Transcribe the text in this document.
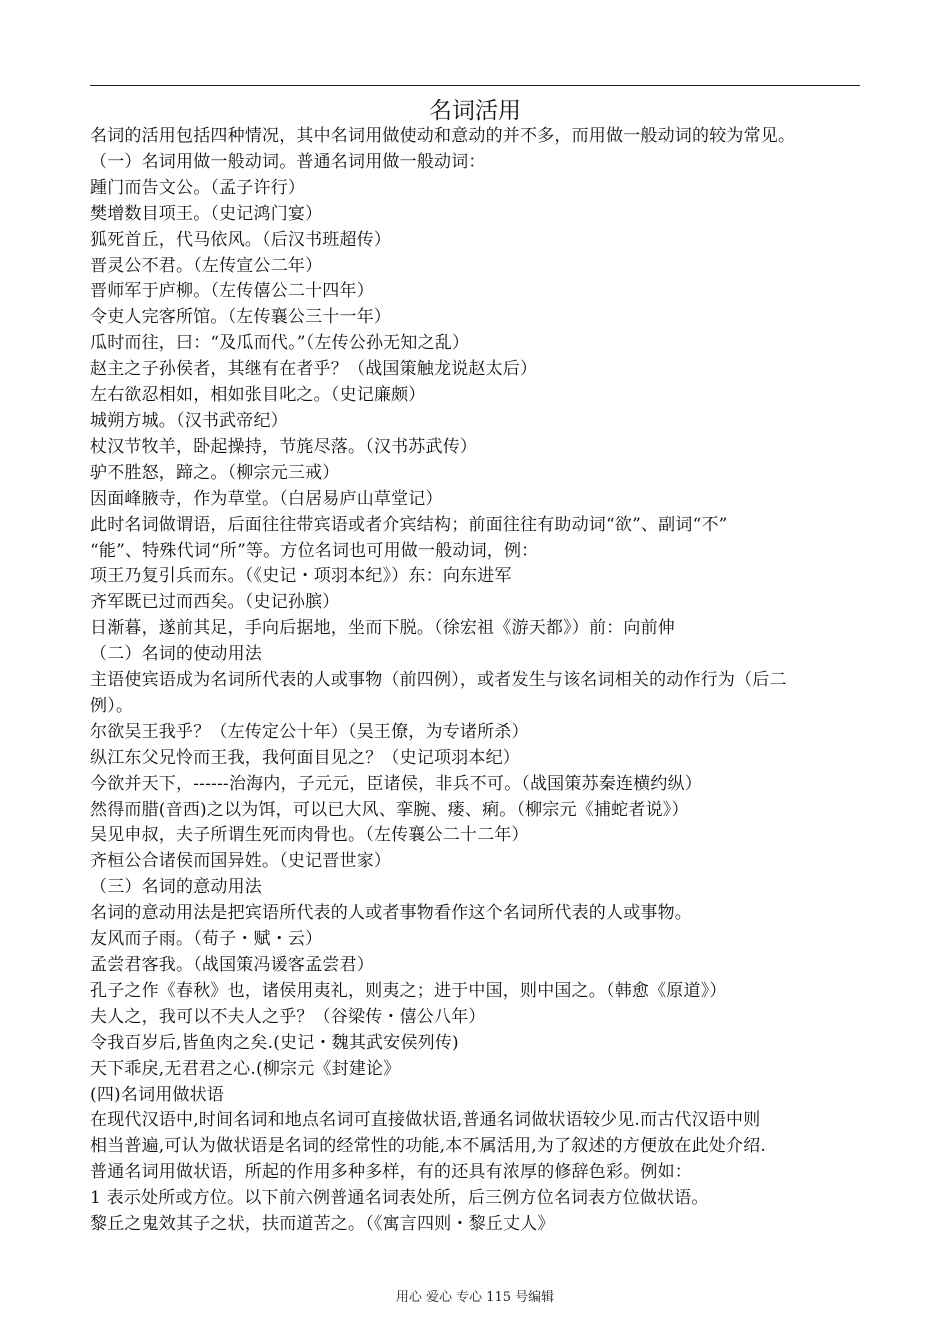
名词活用
名词的活用包括四种情况，其中名词用做使动和意动的并不多，而用做一般动词的较为常见。
（一）名词用做一般动词。普通名词用做一般动词：
踵门而告文公。（孟子许行）
樊增数目项王。（史记鸿门宴）
狐死首丘，代马依风。（后汉书班超传）
晋灵公不君。（左传宣公二年）
晋师军于庐柳。（左传僖公二十四年）
令吏人完客所馆。（左传襄公三十一年）
瓜时而往，曰：“及瓜而代。”（左传公孙无知之乱）
赵主之子孙侯者，其继有在者乎？（战国策触龙说赵太后）
左右欲忍相如，相如张目叱之。（史记廉颇）
城朔方城。（汉书武帝纪）
杖汉节牧羊，卧起操持，节旄尽落。（汉书苏武传）
驴不胜怒，蹄之。（柳宗元三戒）
因面峰腋寺，作为草堂。（白居易庐山草堂记）
此时名词做谓语，后面往往带宾语或者介宾结构；前面往往有助动词“欲”、副词“不”
“能”、特殊代词“所”等。方位名词也可用做一般动词，例：
项王乃复引兵而东。（《史记・项羽本纪》）东：向东进军
齐军既已过而西矣。（史记孙膑）
日渐暮，遂前其足，手向后据地，坐而下脱。（徐宏祖《游天都》）前：向前伸
（二）名词的使动用法
主语使宾语成为名词所代表的人或事物（前四例），或者发生与该名词相关的动作行为（后二
例）。
尔欲吴王我乎？（左传定公十年）（吴王僚，为专诸所杀）
纵江东父兄怜而王我，我何面目见之？（史记项羽本纪）
今欲并天下，------治海内，子元元，臣诸侯，非兵不可。（战国策苏秦连横约纵）
然得而腊(音西)之以为饵，可以已大风、挛腕、瘘、痢。（柳宗元《捕蛇者说》）
吴见申叔，夫子所谓生死而肉骨也。（左传襄公二十二年）
齐桓公合诸侯而国异姓。（史记晋世家）
（三）名词的意动用法
名词的意动用法是把宾语所代表的人或者事物看作这个名词所代表的人或事物。
友风而子雨。（荀子・赋・云）
孟尝君客我。（战国策冯谖客孟尝君）
孔子之作《春秋》也，诸侯用夷礼，则夷之；进于中国，则中国之。（韩愈《原道》）
夫人之，我可以不夫人之乎？（谷梁传・僖公八年）
令我百岁后,皆鱼肉之矣.(史记・魏其武安侯列传)
天下乖戾,无君君之心.(柳宗元《封建论》
(四)名词用做状语
在现代汉语中,时间名词和地点名词可直接做状语,普通名词做状语较少见.而古代汉语中则
相当普遍,可认为做状语是名词的经常性的功能,本不属活用,为了叙述的方便放在此处介绍.
普通名词用做状语，所起的作用多种多样，有的还具有浓厚的修辞色彩。例如：
1 表示处所或方位。以下前六例普通名词表处所，后三例方位名词表方位做状语。
黎丘之鬼效其子之状，扶而道苦之。（《寓言四则・黎丘丈人》
用心 爱心 专心 115 号编辑
